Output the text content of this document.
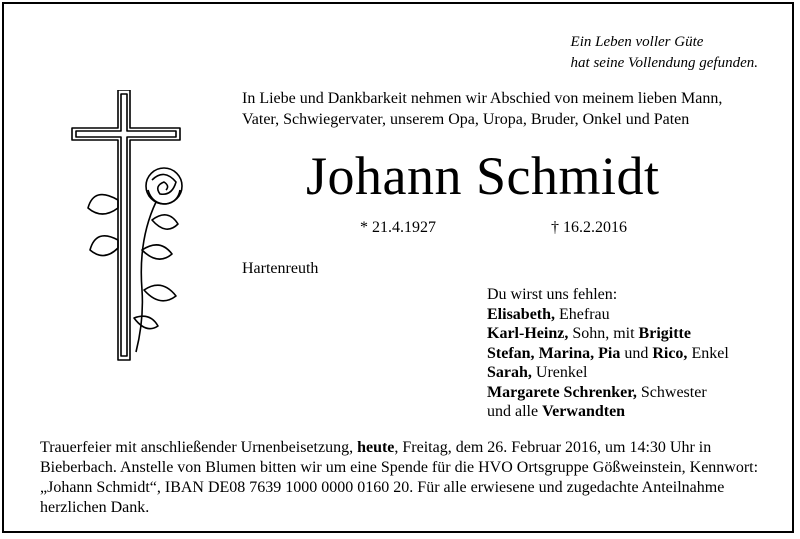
Ein Leben voller Güte
hat seine Vollendung gefunden.
In Liebe und Dankbarkeit nehmen wir Abschied von meinem lieben Mann,
Vater, Schwiegervater, unserem Opa, Uropa, Bruder, Onkel und Paten
Johann Schmidt
* 21.4.1927	† 16.2.2016
Hartenreuth
Du wirst uns fehlen:
Elisabeth, Ehefrau
Karl-Heinz, Sohn, mit Brigitte
Stefan, Marina, Pia und Rico, Enkel
Sarah, Urenkel
Margarete Schrenker, Schwester
und alle Verwandten
Trauerfeier mit anschließender Urnenbeisetzung, heute, Freitag, dem 26. Februar 2016, um 14:30 Uhr in Bieberbach. Anstelle von Blumen bitten wir um eine Spende für die HVO Ortsgruppe Gößweinstein, Kennwort: „Johann Schmidt“, IBAN DE08 7639 1000 0000 0160 20. Für alle erwiesene und zugedachte Anteilnahme herzlichen Dank.
